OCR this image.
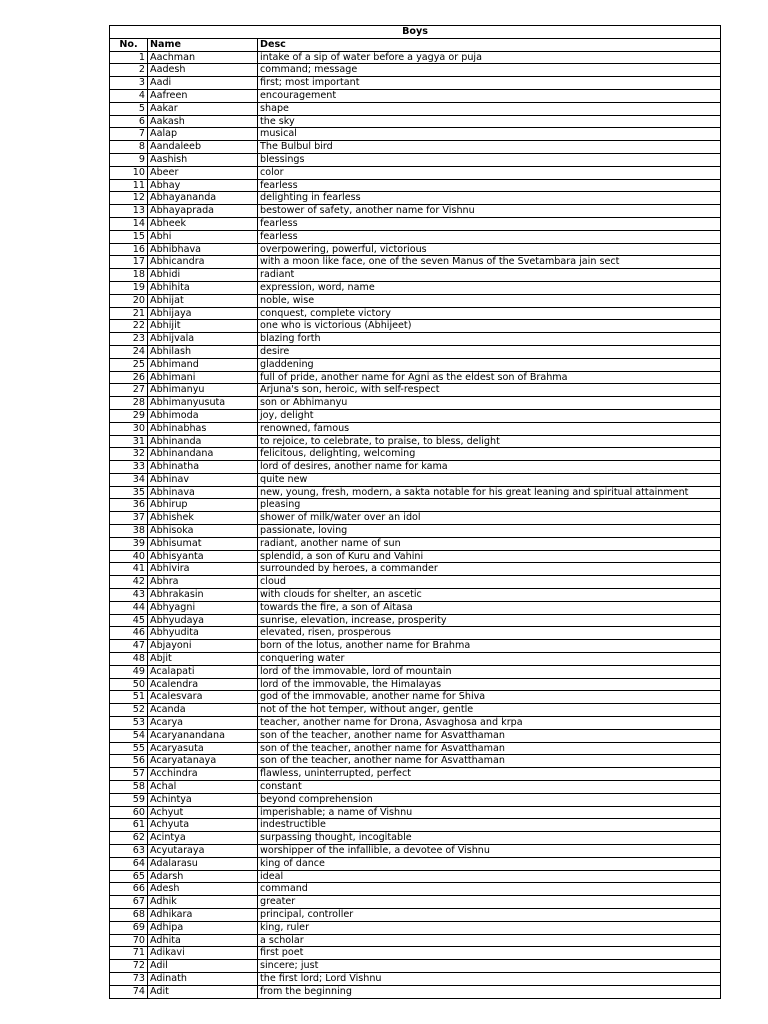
Boys		
No.	Name	Desc
1	Aachman	intake of a sip of water before a yagya or puja
2	Aadesh	command; message
3	Aadi	first; most important
4	Aafreen	encouragement
5	Aakar	shape
6	Aakash	the sky
7	Aalap	musical
8	Aandaleeb	The Bulbul bird
9	Aashish	blessings
10	Abeer	color
11	Abhay	fearless
12	Abhayananda	delighting in fearless
13	Abhayaprada	bestower of safety, another name for Vishnu
14	Abheek	fearless
15	Abhi	fearless
16	Abhibhava	overpowering, powerful, victorious
17	Abhicandra	with a moon like face, one of the seven Manus of the Svetambara jain sect
18	Abhidi	radiant
19	Abhihita	expression, word, name
20	Abhijat	noble, wise
21	Abhijaya	conquest, complete victory
22	Abhijit	one who is victorious (Abhijeet)
23	Abhijvala	blazing forth
24	Abhilash	desire
25	Abhimand	gladdening
26	Abhimani	full of pride, another name for Agni as the eldest son of Brahma
27	Abhimanyu	Arjuna's son, heroic, with self-respect
28	Abhimanyusuta	son or Abhimanyu
29	Abhimoda	joy, delight
30	Abhinabhas	renowned, famous
31	Abhinanda	to rejoice, to celebrate, to praise, to bless, delight
32	Abhinandana	felicitous, delighting, welcoming
33	Abhinatha	lord of desires, another name for kama
34	Abhinav	quite new
35	Abhinava	new, young, fresh, modern, a sakta notable for his great leaning and spiritual attainment
36	Abhirup	pleasing
37	Abhishek	shower of milk/water over an idol
38	Abhisoka	passionate, loving
39	Abhisumat	radiant, another name of sun
40	Abhisyanta	splendid, a son of Kuru and Vahini
41	Abhivira	surrounded by heroes, a commander
42	Abhra	cloud
43	Abhrakasin	with clouds for shelter, an ascetic
44	Abhyagni	towards the fire, a son of Aitasa
45	Abhyudaya	sunrise, elevation, increase, prosperity
46	Abhyudita	elevated, risen, prosperous
47	Abjayoni	born of the lotus, another name for Brahma
48	Abjit	conquering water
49	Acalapati	lord of the immovable, lord of mountain
50	Acalendra	lord of the immovable, the Himalayas
51	Acalesvara	god of the immovable, another name for Shiva
52	Acanda	not of the hot temper, without anger, gentle
53	Acarya	teacher, another name for Drona, Asvaghosa and krpa
54	Acaryanandana	son of the teacher, another name for Asvatthaman
55	Acaryasuta	son of the teacher, another name for Asvatthaman
56	Acaryatanaya	son of the teacher, another name for Asvatthaman
57	Acchindra	flawless, uninterrupted, perfect
58	Achal	constant
59	Achintya	beyond comprehension
60	Achyut	imperishable; a name of Vishnu
61	Achyuta	indestructible
62	Acintya	surpassing thought, incogitable
63	Acyutaraya	worshipper of the infallible, a devotee of Vishnu
64	Adalarasu	king of dance
65	Adarsh	ideal
66	Adesh	command
67	Adhik	greater
68	Adhikara	principal, controller
69	Adhipa	king, ruler
70	Adhita	a scholar
71	Adikavi	first poet
72	Adil	sincere; just
73	Adinath	the first lord; Lord Vishnu
74	Adit	from the beginning
